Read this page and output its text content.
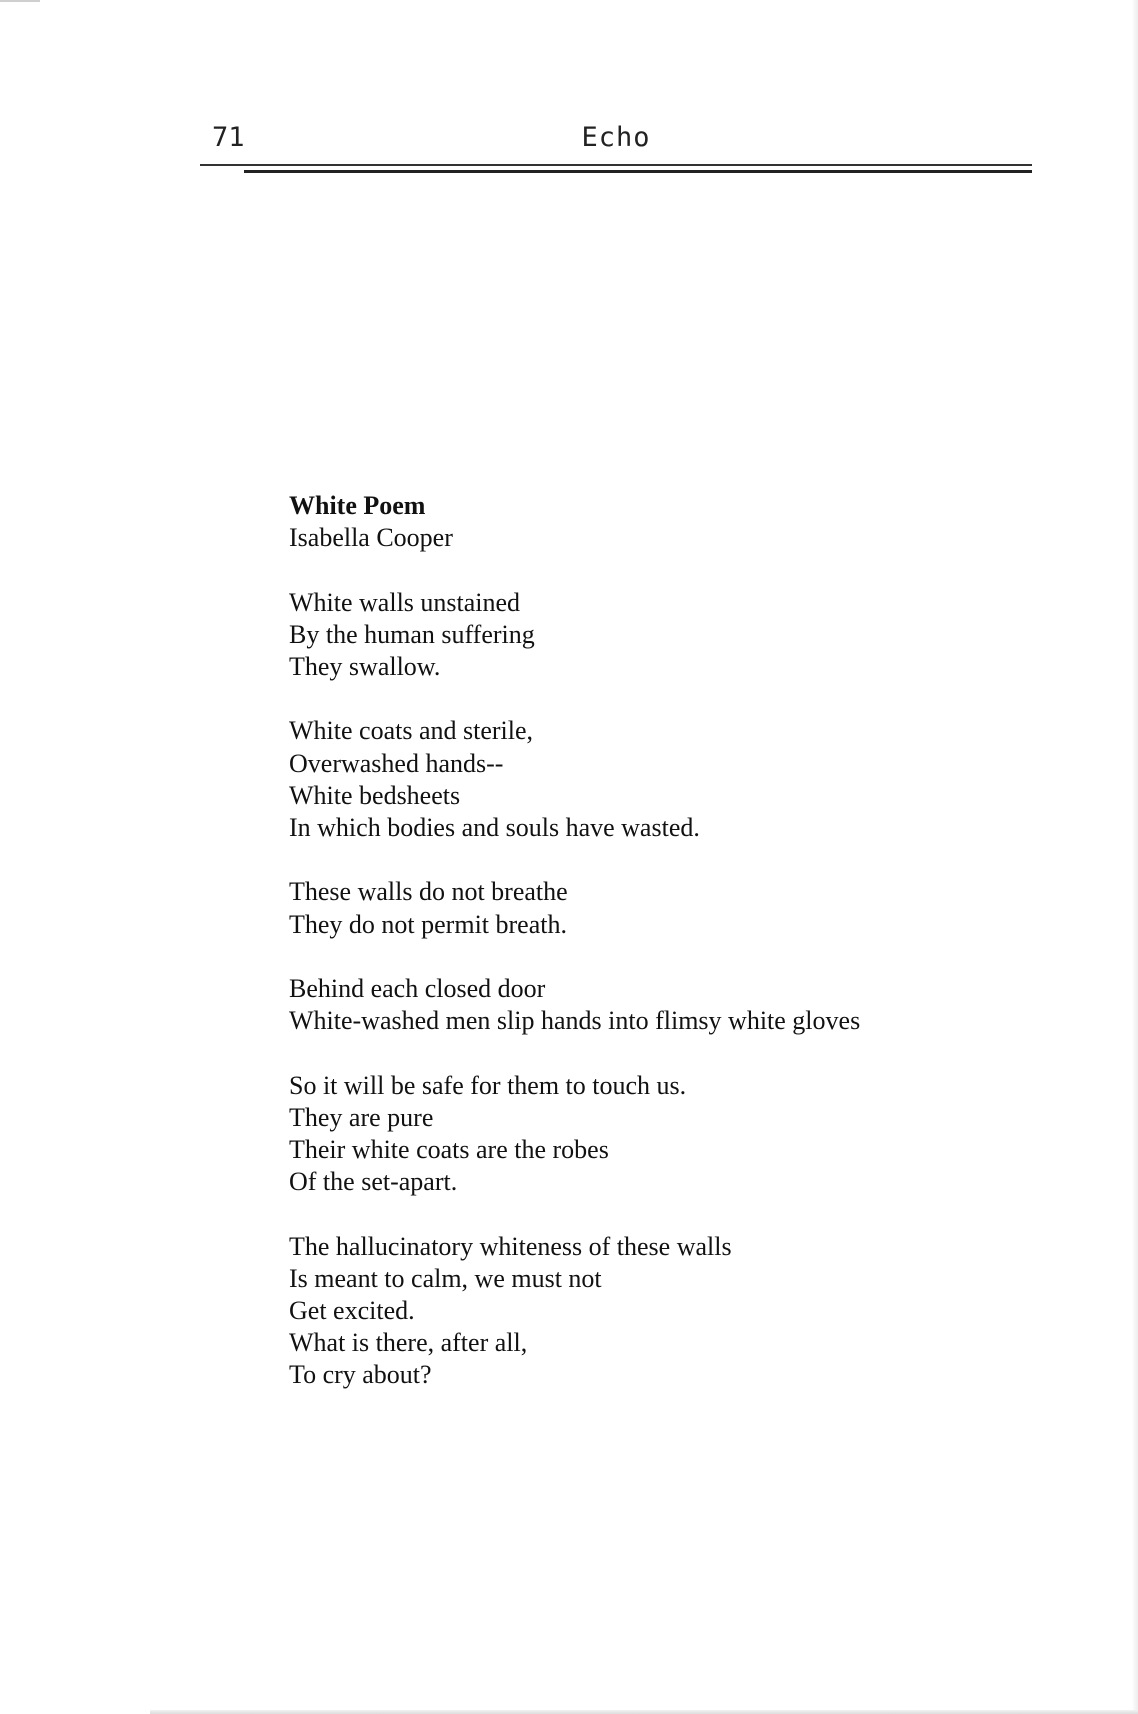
71	Echo
White Poem
Isabella Cooper
White walls unstained
By the human suffering
They swallow.
White coats and sterile,
Overwashed hands--
White bedsheets
In which bodies and souls have wasted.
These walls do not breathe
They do not permit breath.
Behind each closed door
White-washed men slip hands into flimsy white gloves
So it will be safe for them to touch us.
They are pure
Their white coats are the robes
Of the set-apart.
The hallucinatory whiteness of these walls
Is meant to calm, we must not
Get excited.
What is there, after all,
To cry about?
